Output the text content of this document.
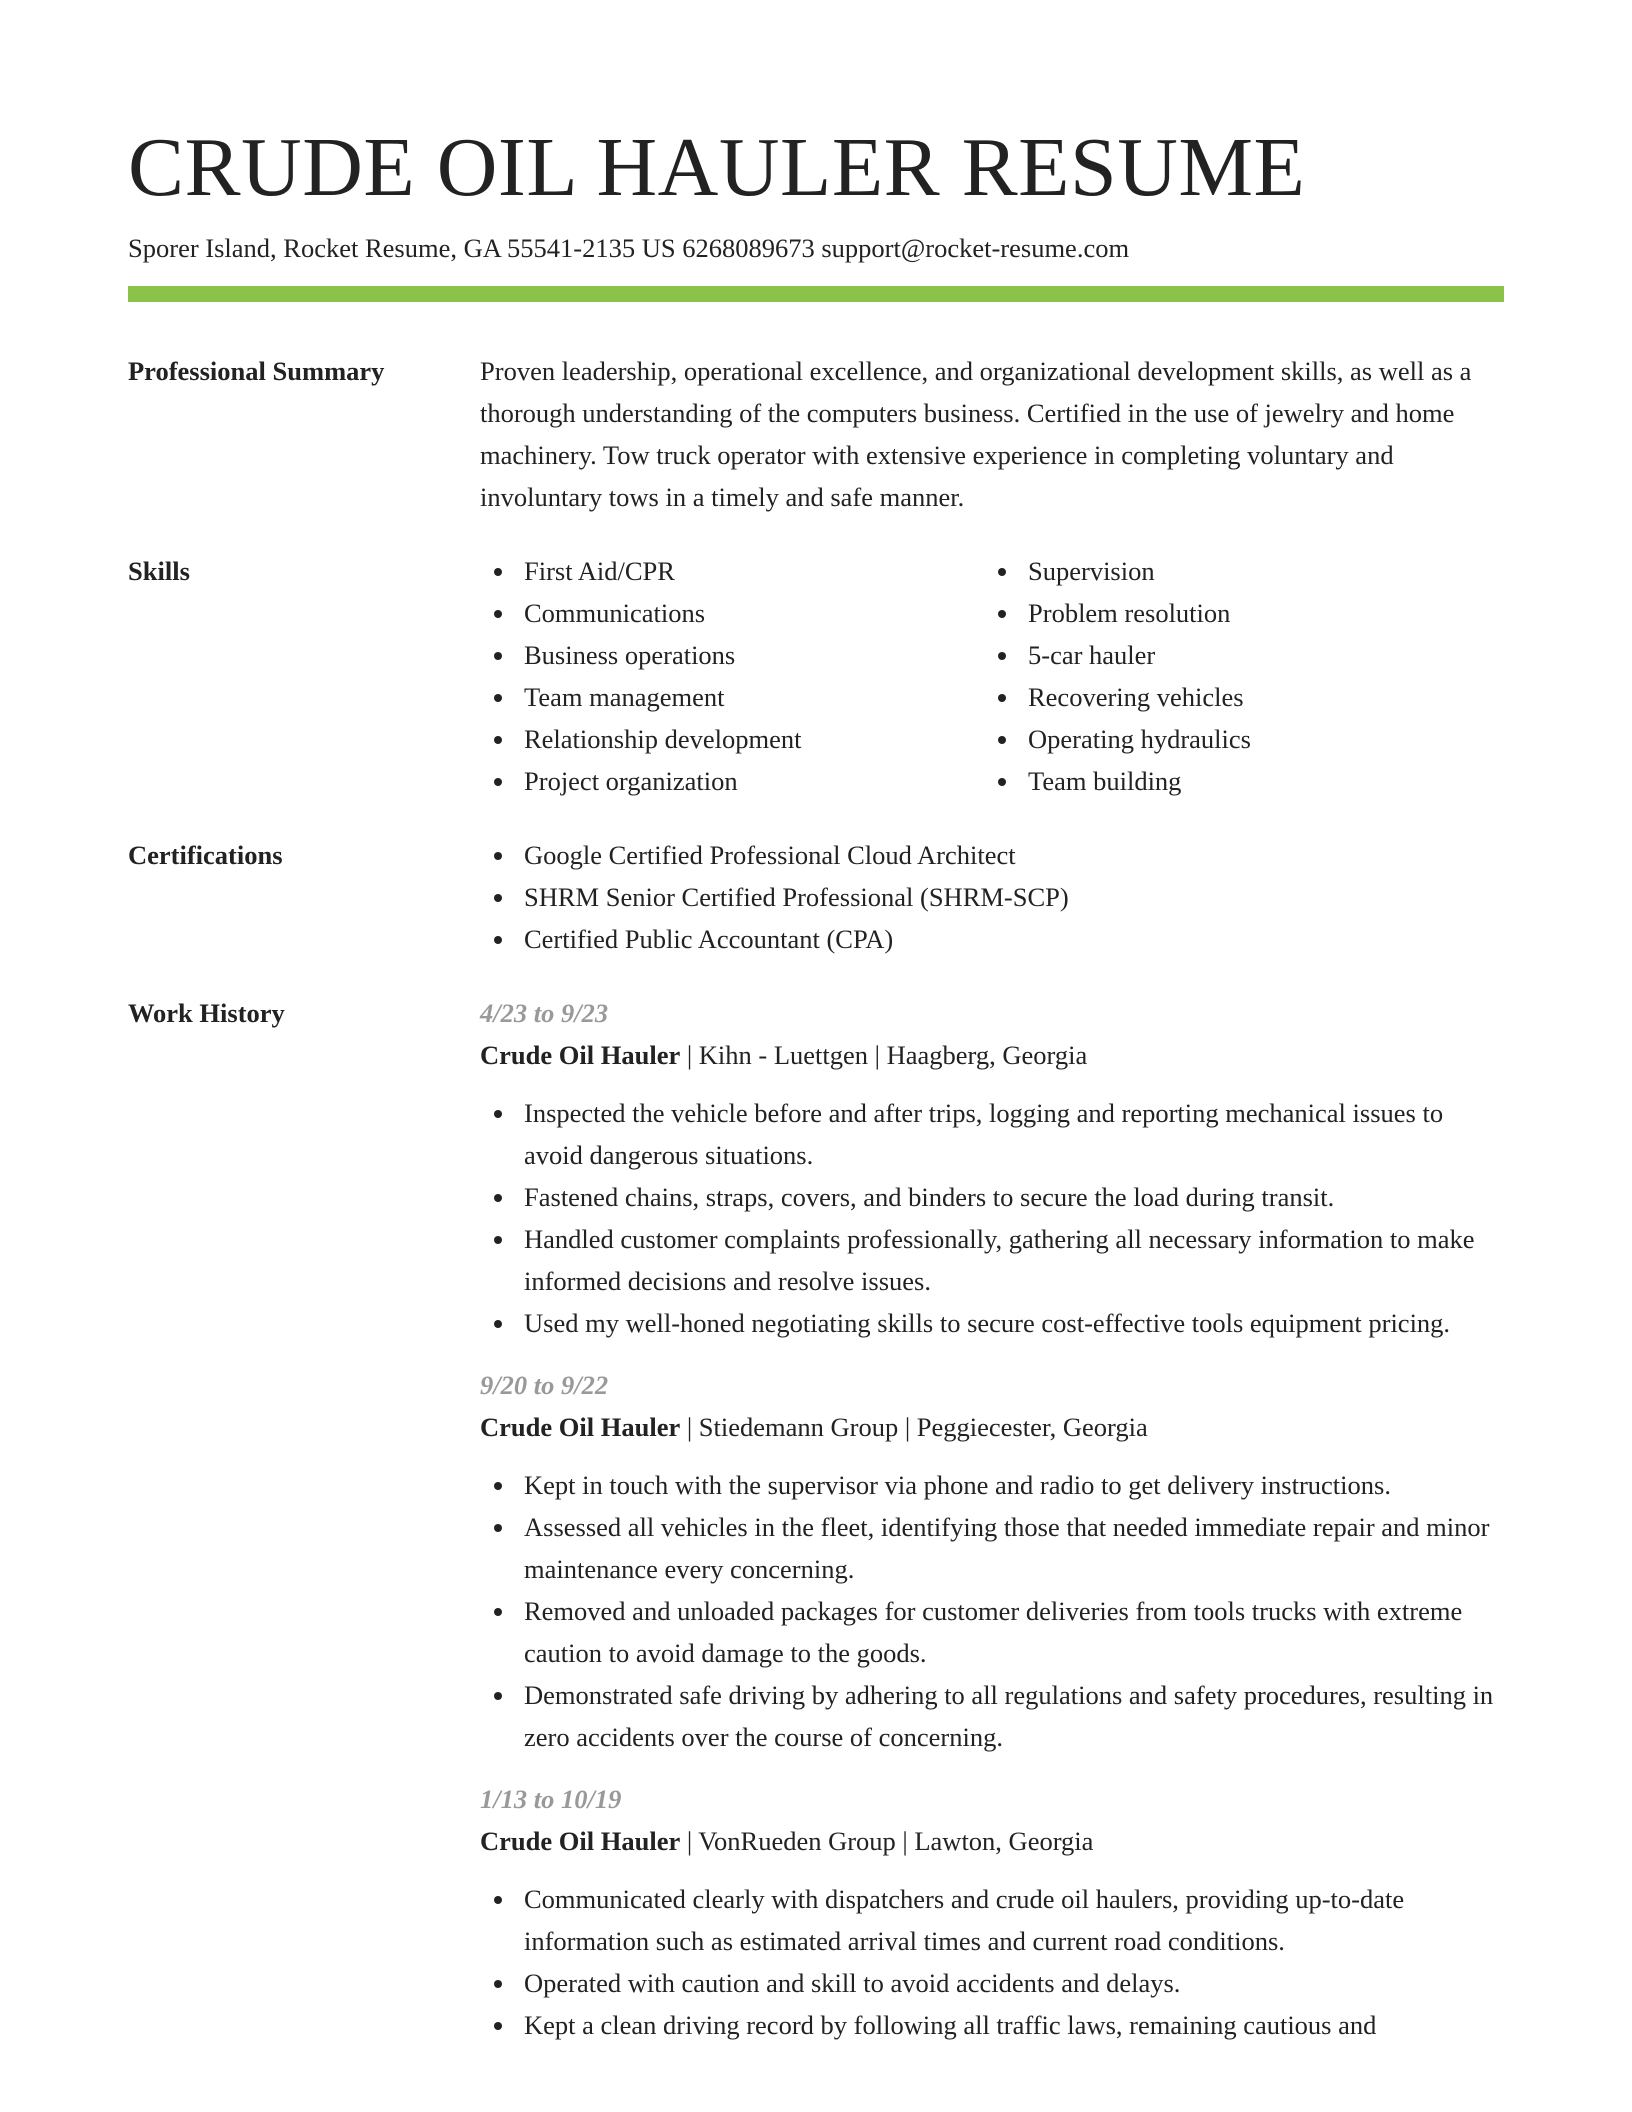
CRUDE OIL HAULER RESUME
Sporer Island, Rocket Resume, GA 55541-2135 US 6268089673 support@rocket-resume.com
Professional Summary	Proven leadership, operational excellence, and organizational development skills, as well as a thorough understanding of the computers business. Certified in the use of jewelry and home machinery. Tow truck operator with extensive experience in completing voluntary and involuntary tows in a timely and safe manner.
Skills	First Aid/CPR
Communications
Business operations
Team management
Relationship development
Project organization
Supervision
Problem resolution
5-car hauler
Recovering vehicles
Operating hydraulics
Team building
Certifications	Google Certified Professional Cloud Architect
SHRM Senior Certified Professional (SHRM-SCP)
Certified Public Accountant (CPA)
Work History	4/23 to 9/23
Crude Oil Hauler | Kihn - Luettgen | Haagberg, Georgia
Inspected the vehicle before and after trips, logging and reporting mechanical issues to avoid dangerous situations.
Fastened chains, straps, covers, and binders to secure the load during transit.
Handled customer complaints professionally, gathering all necessary information to make informed decisions and resolve issues.
Used my well-honed negotiating skills to secure cost-effective tools equipment pricing.
9/20 to 9/22
Crude Oil Hauler | Stiedemann Group | Peggiecester, Georgia
Kept in touch with the supervisor via phone and radio to get delivery instructions.
Assessed all vehicles in the fleet, identifying those that needed immediate repair and minor maintenance every concerning.
Removed and unloaded packages for customer deliveries from tools trucks with extreme caution to avoid damage to the goods.
Demonstrated safe driving by adhering to all regulations and safety procedures, resulting in zero accidents over the course of concerning.
1/13 to 10/19
Crude Oil Hauler | VonRueden Group | Lawton, Georgia
Communicated clearly with dispatchers and crude oil haulers, providing up-to-date information such as estimated arrival times and current road conditions.
Operated with caution and skill to avoid accidents and delays.
Kept a clean driving record by following all traffic laws, remaining cautious and
